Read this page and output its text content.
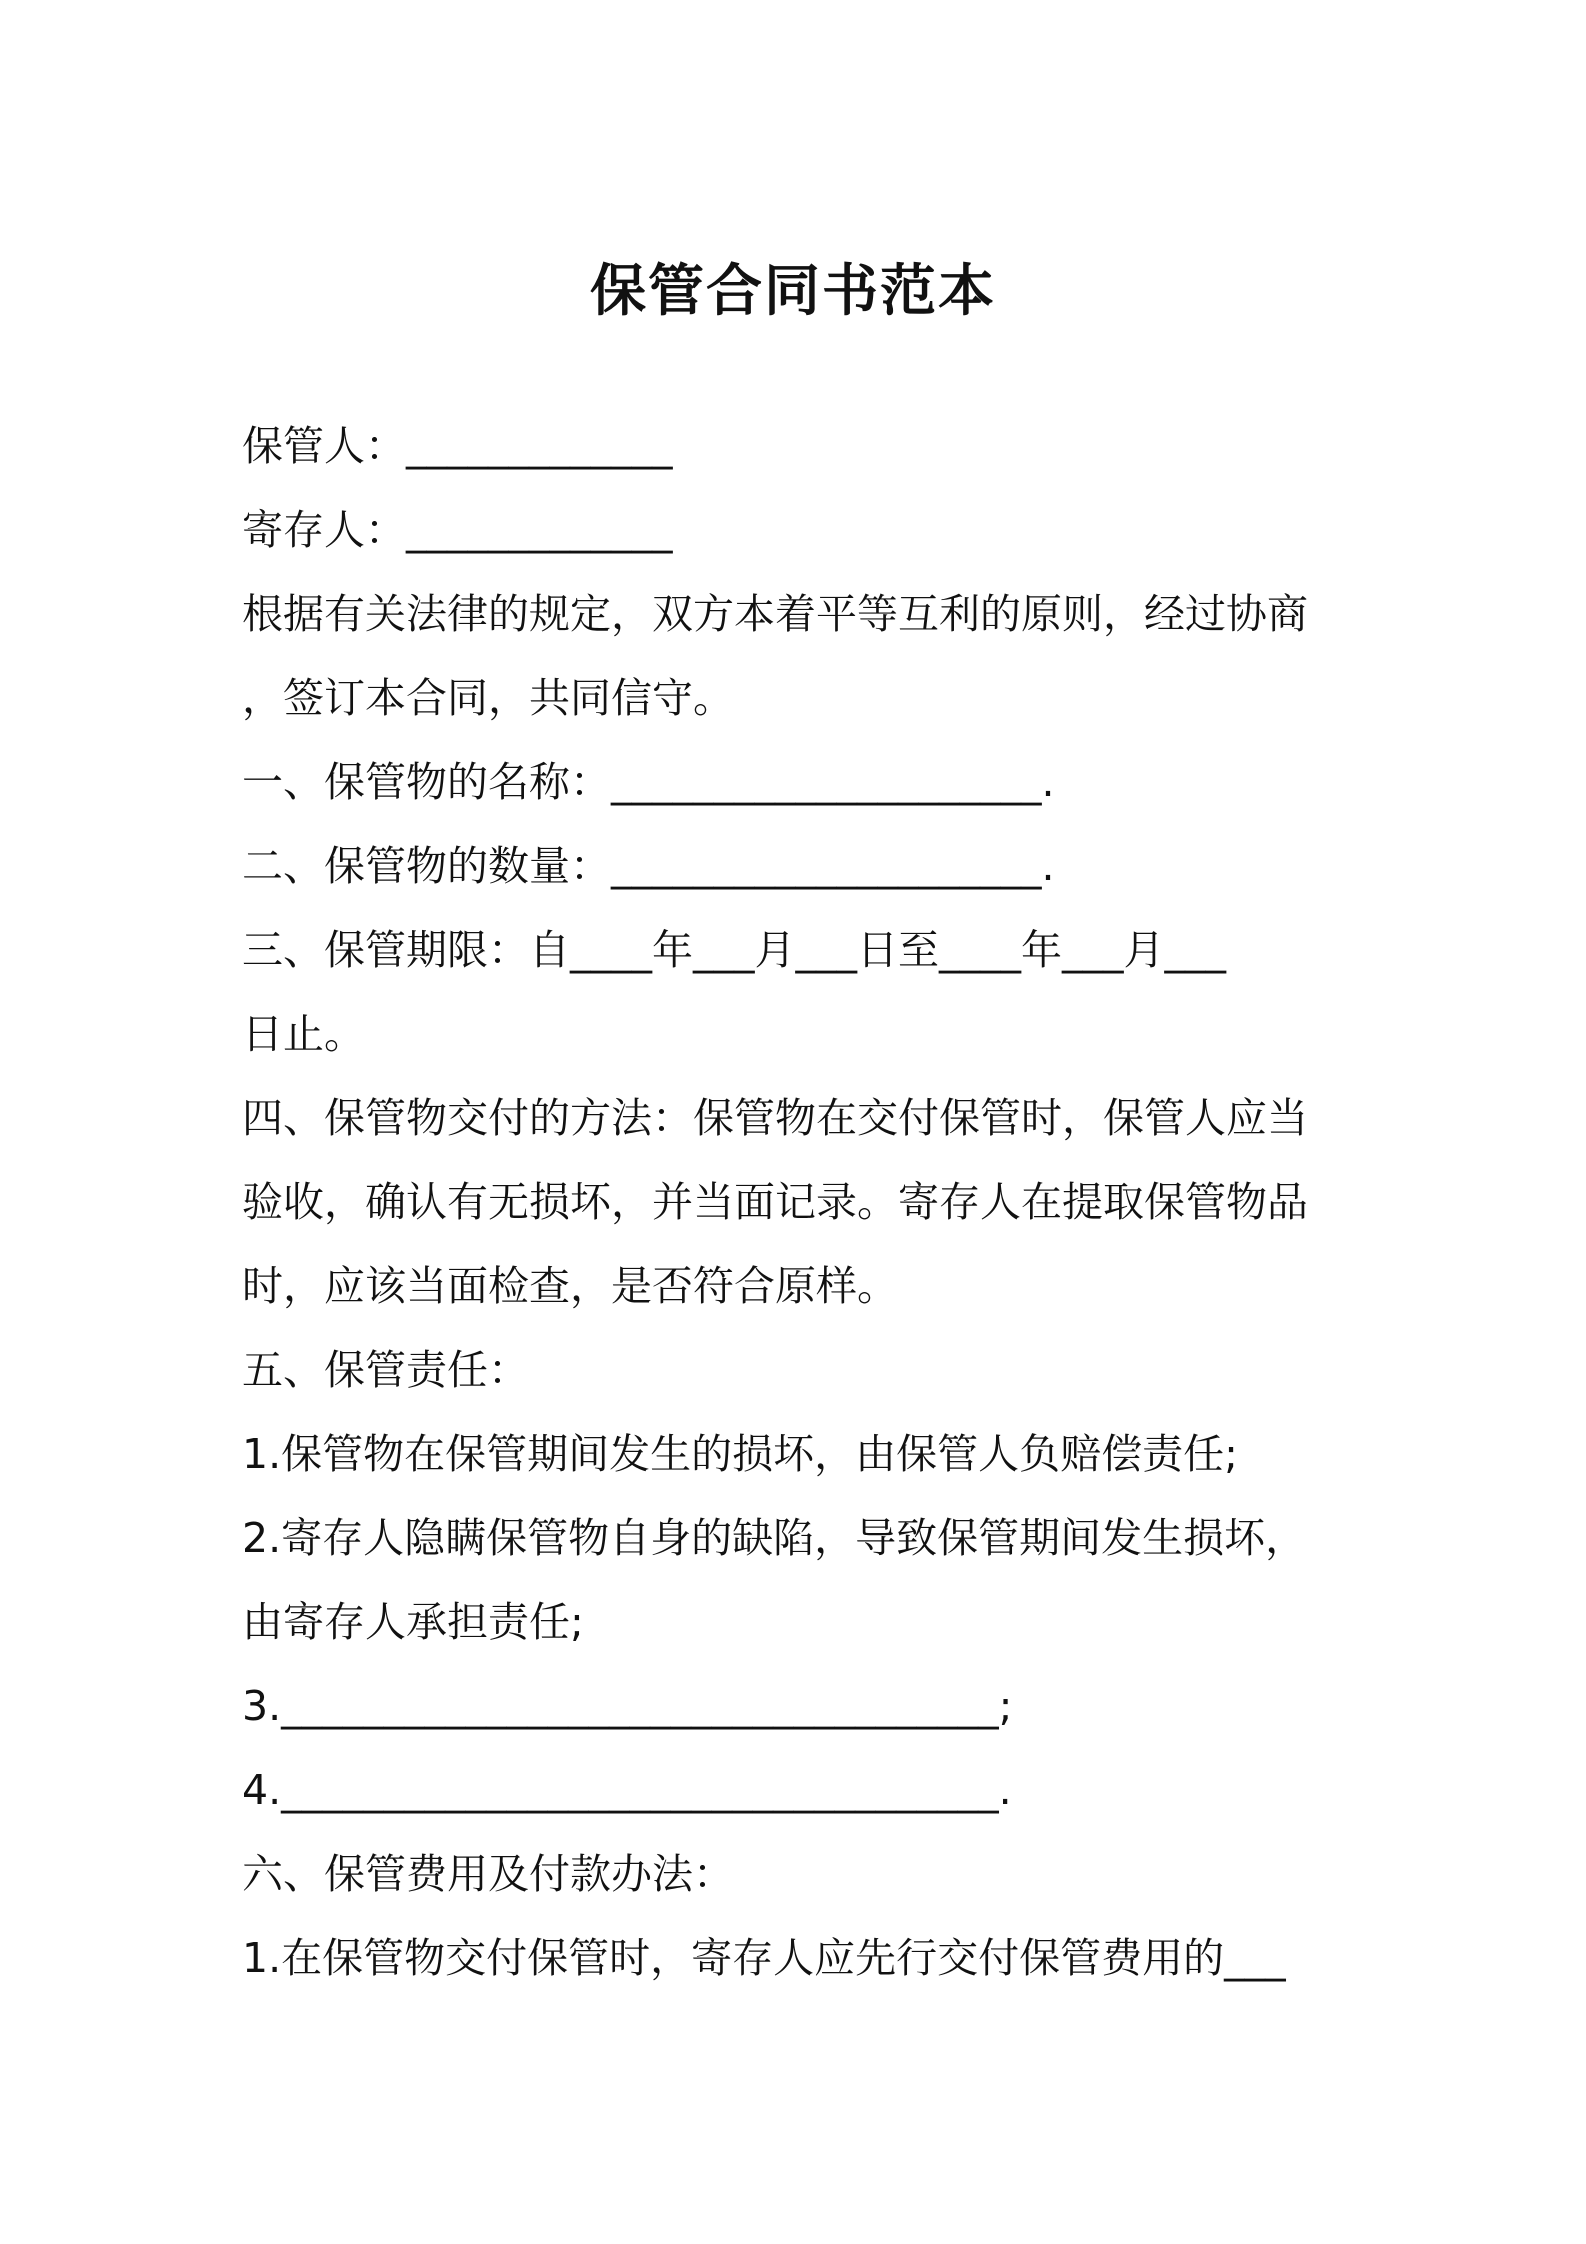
保管合同书范本
保管人：_____________
寄存人：_____________
根据有关法律的规定，双方本着平等互利的原则，经过协商
，签订本合同，共同信守。
一、保管物的名称：_____________________.
二、保管物的数量：_____________________.
三、保管期限：自____年___月___日至____年___月___
日止。
四、保管物交付的方法：保管物在交付保管时，保管人应当
验收，确认有无损坏，并当面记录。寄存人在提取保管物品
时，应该当面检查，是否符合原样。
五、保管责任：
1.保管物在保管期间发生的损坏，由保管人负赔偿责任;
2.寄存人隐瞒保管物自身的缺陷，导致保管期间发生损坏，
由寄存人承担责任;
3.___________________________________;
4.___________________________________.
六、保管费用及付款办法：
1.在保管物交付保管时，寄存人应先行交付保管费用的___
